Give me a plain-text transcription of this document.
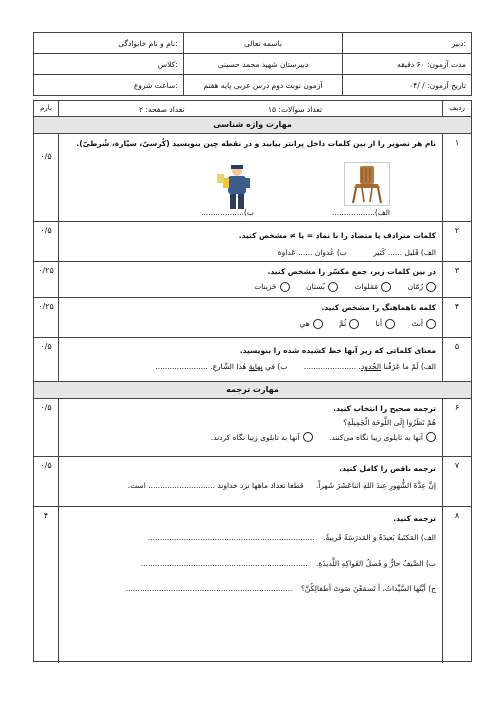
نام و نام خانوادگی:	باسمه تعالی	دبیر:

کلاس:	دبیرستان شهید محمد حسینی	مدت آزمون: ۶۰ دقیقه

ساعت شروع:	آزمون نوبت دوم درس عربی پایه هفتم	تاریخ آزمون: / /۰۴
ردیف
بارم	تعداد سوالات: ۱۵
تعداد صفحه: ۲
مهارت واژه شناسی
۱
۰/۵
نام هر تصویر را از بین کلمات داخل پرانتز بیابید و در نقطه چین بنویسید (کُرسیّ، سیّارة، شُرطیّ).
الف)..................
ب)..................
۲
۰/۵
کلمات مترادف یا متضاد را با نماد = یا ≠ مشخص کنید.
الف) قَلیل ...... کَثیر ب) عُدوان ...... عَداوة
۳
۰/۲۵	در بین کلمات زیر، جمع مکسّر را مشخص کنید.
رُمّان

مَمَلوات

بُستان

خَزینات
۴
۰/۲۵	کلمه ناهماهنگ را مشخص کنید.
أنتَ

أنا

ثُمَّ

هي
۵
۰/۵	معنای کلماتی که زیر آنها خط کشیده شده را بنویسید.
الف) لَمْ ما عَرَفْنا الحُدود. ...................... ب) في نِهایةِ هٰذا الشّارعِ. ......................
مهارت ترجمه
۶
۰/۵	ترجمه صحیح را انتخاب کنید.
هُمْ نَظَرُوا إِلَى اللَّوحَةِ الْجَمِیلَةِ؟
آنها به تابلوی زیبا نگاه می‌کنند.

آنها به تابلوی زیبا نگاه کردند.
۷
۰/۵	ترجمه ناقص را کامل کنید.
إنَّ عِدَّةَ الشُّهورِ عِندَ اللهِ اثناعَشَرَ شَهراً. قطعا تعداد ماهها نزد خداوند ............................ است.
۸
۴	ترجمه کنید.
الف) المَکتَبةُ بَعیدَةٌ و المَدرَسَةُ قَریبةٌ. ......................................................................
ب) الصَّیفُ حارٌّ و فَصلُ الفَواکِهِ اللَّذیذَةِ. ......................................................................
ج) أیَّتُها السَّیِّداتُ، أ تَسمَعْنَ صَوتَ أطفالِکُنَّ؟ ......................................................................
